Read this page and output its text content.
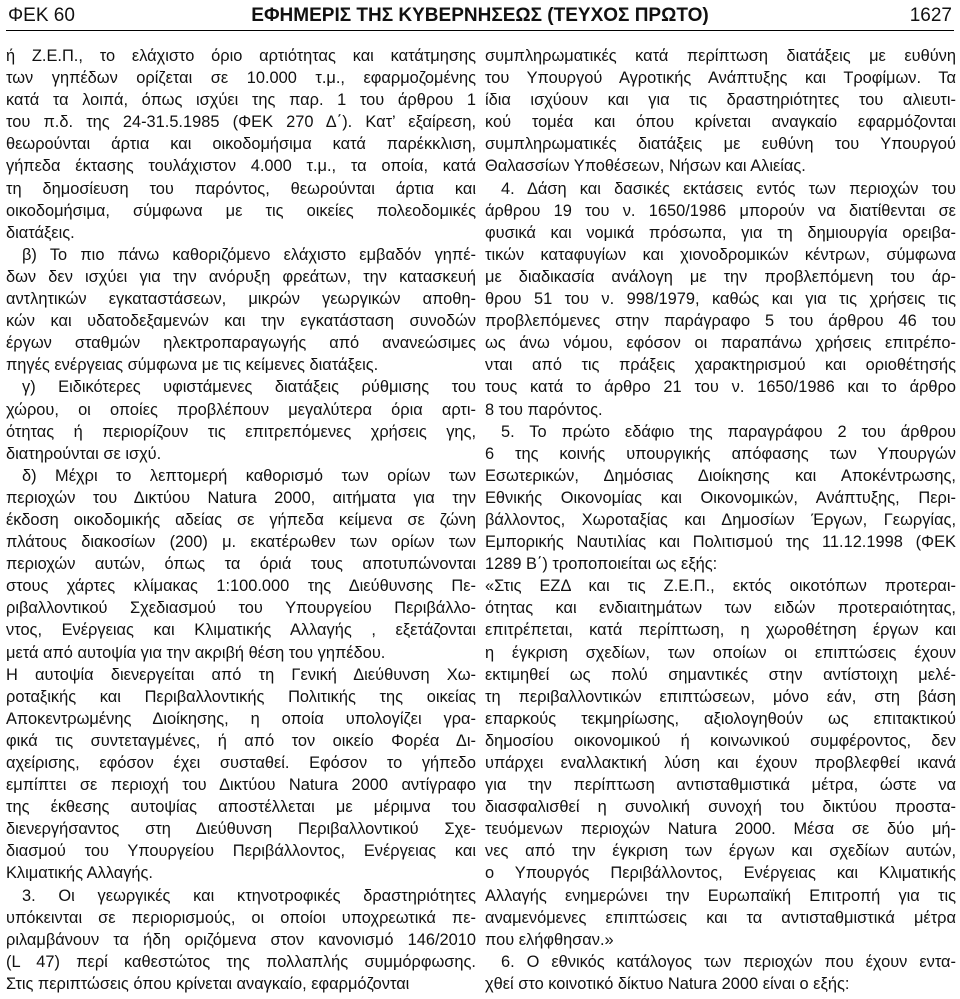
ΦΕΚ 60	ΕΦΗΜΕΡΙΣ ΤΗΣ ΚΥΒΕΡΝΗΣΕΩΣ (ΤΕΥΧΟΣ ΠΡΩΤΟ)	1627
ή Ζ.Ε.Π., το ελάχιστο όριο αρτιότητας και κατάτμησης
των γηπέδων ορίζεται σε 10.000 τ.μ., εφαρμοζομένης
κατά τα λοιπά, όπως ισχύει της παρ. 1 του άρθρου 1
του π.δ. της 24-31.5.1985 (ΦΕΚ 270 Δ΄). Κατ’ εξαίρεση,
θεωρούνται άρτια και οικοδομήσιμα κατά παρέκκλιση,
γήπεδα έκτασης τουλάχιστον 4.000 τ.μ., τα οποία, κατά
τη δημοσίευση του παρόντος, θεωρούνται άρτια και
οικοδομήσιμα, σύμφωνα με τις οικείες πολεοδομικές
διατάξεις.
β) Το πιο πάνω καθοριζόμενο ελάχιστο εμβαδόν γηπέ-
δων δεν ισχύει για την ανόρυξη φρεάτων, την κατασκευή
αντλητικών εγκαταστάσεων, μικρών γεωργικών αποθη-
κών και υδατοδεξαμενών και την εγκατάσταση συνοδών
έργων σταθμών ηλεκτροπαραγωγής από ανανεώσιμες
πηγές ενέργειας σύμφωνα με τις κείμενες διατάξεις.
γ) Ειδικότερες υφιστάμενες διατάξεις ρύθμισης του
χώρου, οι οποίες προβλέπουν μεγαλύτερα όρια αρτι-
ότητας ή περιορίζουν τις επιτρεπόμενες χρήσεις γης,
διατηρούνται σε ισχύ.
δ) Μέχρι το λεπτομερή καθορισμό των ορίων των
περιοχών του Δικτύου Natura 2000, αιτήματα για την
έκδοση οικοδομικής αδείας σε γήπεδα κείμενα σε ζώνη
πλάτους διακοσίων (200) μ. εκατέρωθεν των ορίων των
περιοχών αυτών, όπως τα όριά τους αποτυπώνονται
στους χάρτες κλίμακας 1:100.000 της Διεύθυνσης Πε-
ριβαλλοντικού Σχεδιασμού του Υπουργείου Περιβάλλο-
ντος, Ενέργειας και Κλιματικής Αλλαγής , εξετάζονται
μετά από αυτοψία για την ακριβή θέση του γηπέδου.
Η αυτοψία διενεργείται από τη Γενική Διεύθυνση Χω-
ροταξικής και Περιβαλλοντικής Πολιτικής της οικείας
Αποκεντρωμένης Διοίκησης, η οποία υπολογίζει γρα-
φικά τις συντεταγμένες, ή από τον οικείο Φορέα Δι-
αχείρισης, εφόσον έχει συσταθεί. Εφόσον το γήπεδο
εμπίπτει σε περιοχή του Δικτύου Natura 2000 αντίγραφο
της έκθεσης αυτοψίας αποστέλλεται με μέριμνα του
διενεργήσαντος στη Διεύθυνση Περιβαλλοντικού Σχε-
διασμού του Υπουργείου Περιβάλλοντος, Ενέργειας και
Κλιματικής Αλλαγής.
3. Οι γεωργικές και κτηνοτροφικές δραστηριότητες
υπόκεινται σε περιορισμούς, οι οποίοι υποχρεωτικά πε-
ριλαμβάνουν τα ήδη οριζόμενα στον κανονισμό 146/2010
(L 47) περί καθεστώτος της πολλαπλής συμμόρφωσης.
Στις περιπτώσεις όπου κρίνεται αναγκαίο, εφαρμόζονται
συμπληρωματικές κατά περίπτωση διατάξεις με ευθύνη
του Υπουργού Αγροτικής Ανάπτυξης και Τροφίμων. Τα
ίδια ισχύουν και για τις δραστηριότητες του αλιευτι-
κού τομέα και όπου κρίνεται αναγκαίο εφαρμόζονται
συμπληρωματικές διατάξεις με ευθύνη του Υπουργού
Θαλασσίων Υποθέσεων, Νήσων και Αλιείας.
4. Δάση και δασικές εκτάσεις εντός των περιοχών του
άρθρου 19 του ν. 1650/1986 μπορούν να διατίθενται σε
φυσικά και νομικά πρόσωπα, για τη δημιουργία ορειβα-
τικών καταφυγίων και χιονοδρομικών κέντρων, σύμφωνα
με διαδικασία ανάλογη με την προβλεπόμενη του άρ-
θρου 51 του ν. 998/1979, καθώς και για τις χρήσεις τις
προβλεπόμενες στην παράγραφο 5 του άρθρου 46 του
ως άνω νόμου, εφόσον οι παραπάνω χρήσεις επιτρέπο-
νται από τις πράξεις χαρακτηρισμού και οριοθέτησής
τους κατά το άρθρο 21 του ν. 1650/1986 και το άρθρο
8 του παρόντος.
5. Το πρώτο εδάφιο της παραγράφου 2 του άρθρου
6 της κοινής υπουργικής απόφασης των Υπουργών
Εσωτερικών, Δημόσιας Διοίκησης και Αποκέντρωσης,
Εθνικής Οικονομίας και Οικονομικών, Ανάπτυξης, Περι-
βάλλοντος, Χωροταξίας και Δημοσίων Έργων, Γεωργίας,
Εμπορικής Ναυτιλίας και Πολιτισμού της 11.12.1998 (ΦΕΚ
1289 Β΄) τροποποιείται ως εξής:
«Στις ΕΖΔ και τις Ζ.Ε.Π., εκτός οικοτόπων προτεραι-
ότητας και ενδιαιτημάτων των ειδών προτεραιότητας,
επιτρέπεται, κατά περίπτωση, η χωροθέτηση έργων και
η έγκριση σχεδίων, των οποίων οι επιπτώσεις έχουν
εκτιμηθεί ως πολύ σημαντικές στην αντίστοιχη μελέ-
τη περιβαλλοντικών επιπτώσεων, μόνο εάν, στη βάση
επαρκούς τεκμηρίωσης, αξιολογηθούν ως επιτακτικού
δημοσίου οικονομικού ή κοινωνικού συμφέροντος, δεν
υπάρχει εναλλακτική λύση και έχουν προβλεφθεί ικανά
για την περίπτωση αντισταθμιστικά μέτρα, ώστε να
διασφαλισθεί η συνολική συνοχή του δικτύου προστα-
τευόμενων περιοχών Natura 2000. Μέσα σε δύο μή-
νες από την έγκριση των έργων και σχεδίων αυτών,
ο Υπουργός Περιβάλλοντος, Ενέργειας και Κλιματικής
Αλλαγής ενημερώνει την Ευρωπαϊκή Επιτροπή για τις
αναμενόμενες επιπτώσεις και τα αντισταθμιστικά μέτρα
που ελήφθησαν.»
6. Ο εθνικός κατάλογος των περιοχών που έχουν εντα-
χθεί στο κοινοτικό δίκτυο Natura 2000 είναι ο εξής:
